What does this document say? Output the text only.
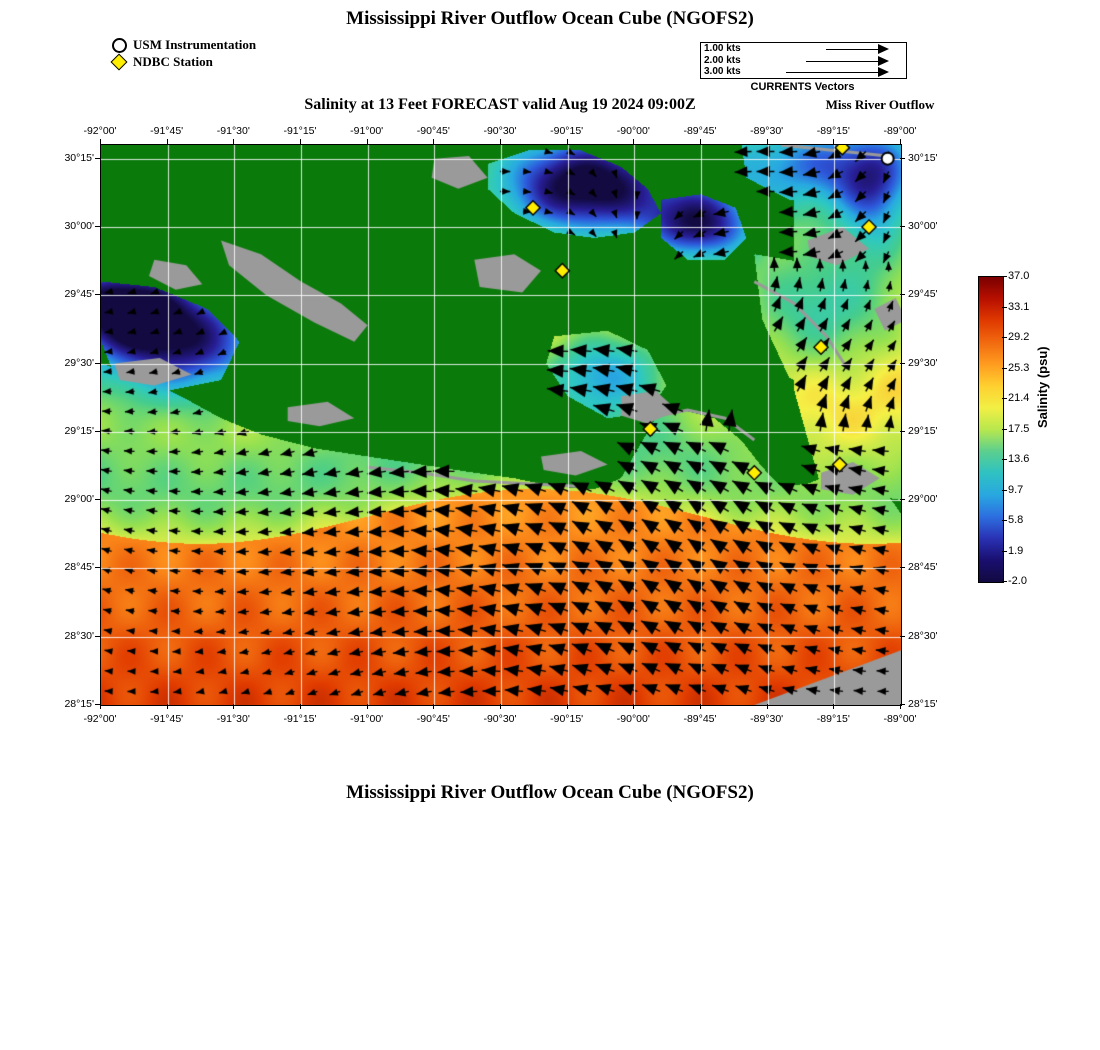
Mississippi River Outflow Ocean Cube (NGOFS2)
Salinity at 13 Feet FORECAST valid Aug 19 2024 09:00Z	Miss River Outflow
Mississippi River Outflow Ocean Cube (NGOFS2)
USM Instrumentation
NDBC Station
1.00 kts
2.00 kts
3.00 kts
CURRENTS Vectors
-92°00'
-92°00'
-91°45'
-91°45'
-91°30'
-91°30'
-91°15'
-91°15'
-91°00'
-91°00'
-90°45'
-90°45'
-90°30'
-90°30'
-90°15'
-90°15'
-90°00'
-90°00'
-89°45'
-89°45'
-89°30'
-89°30'
-89°15'
-89°15'
-89°00'
-89°00'
30°15'	30°15'
30°00'	30°00'
29°45'	29°45'
29°30'	29°30'
29°15'	29°15'
29°00'	29°00'
28°45'	28°45'
28°30'	28°30'
28°15'	28°15'
37.0
33.1
29.2
25.3
21.4
17.5
13.6
9.7
5.8
1.9
-2.0
Salinity (psu)
